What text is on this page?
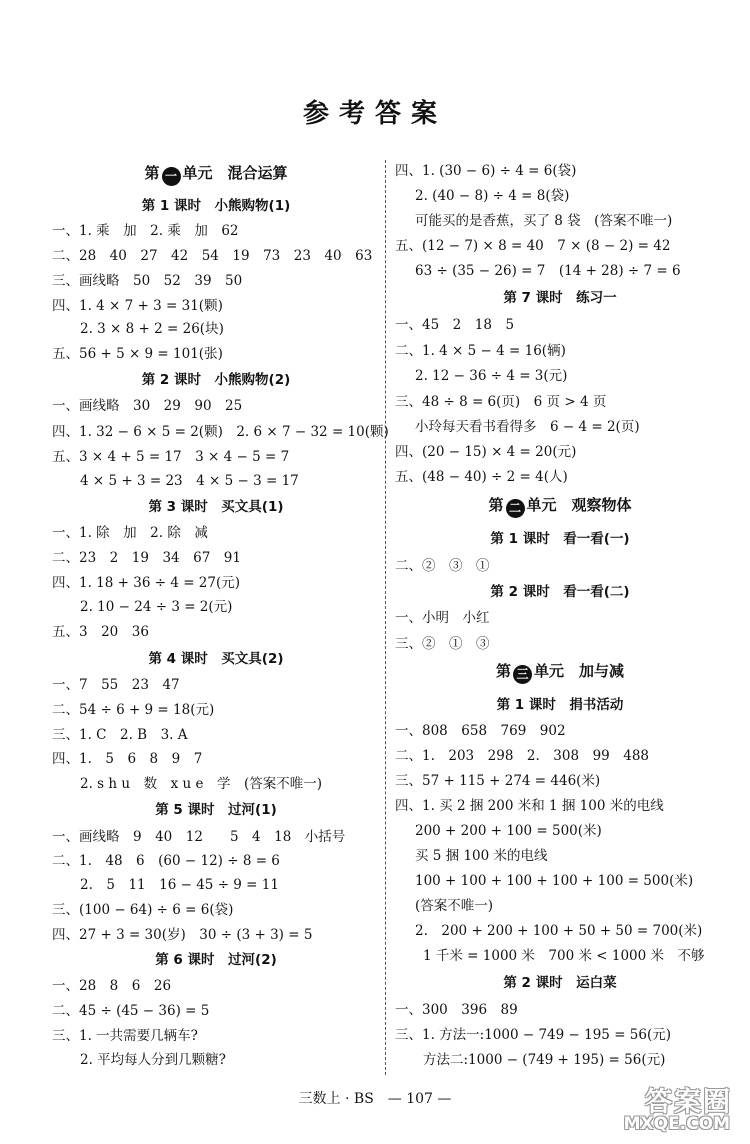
参考答案
第 一 单元　混合运算
第 1 课时　小熊购物(1)
一、1. 乘　加　2. 乘　加　62
二、28　40　27　42　54　19　73　23　40　63
三、画线略　50　52　39　50
四、1. 4 × 7 + 3 = 31(颗)
2. 3 × 8 + 2 = 26(块)
五、56 + 5 × 9 = 101(张)
第 2 课时　小熊购物(2)
一、画线略　30　29　90　25
四、1. 32 − 6 × 5 = 2(颗)　2. 6 × 7 − 32 = 10(颗)
五、3 × 4 + 5 = 17　3 × 4 − 5 = 7
4 × 5 + 3 = 23　4 × 5 − 3 = 17
第 3 课时　买文具(1)
一、1. 除　加　2. 除　减
二、23　2　19　34　67　91
四、1. 18 + 36 ÷ 4 = 27(元)
2. 10 − 24 ÷ 3 = 2(元)
五、3　20　36
第 4 课时　买文具(2)
一、7　55　23　47
二、54 ÷ 6 + 9 = 18(元)
三、1. C　2. B　3. A
四、1.　5　6　8　9　7
2. s h u　数　x u e　学　(答案不唯一)
第 5 课时　过河(1)
一、画线略　9　40　12　　5　4　18　小括号
二、1.　48　6　(60 − 12) ÷ 8 = 6
2.　5　11　16 − 45 ÷ 9 = 11
三、(100 − 64) ÷ 6 = 6(袋)
四、27 + 3 = 30(岁)　30 ÷ (3 + 3) = 5
第 6 课时　过河(2)
一、28　8　6　26
二、45 ÷ (45 − 36) = 5
三、1. 一共需要几辆车?
2. 平均每人分到几颗糖?
四、1. (30 − 6) ÷ 4 = 6(袋)
2. (40 − 8) ÷ 4 = 8(袋)
可能买的是香蕉，买了 8 袋　(答案不唯一)
五、(12 − 7) × 8 = 40　7 × (8 − 2) = 42
63 ÷ (35 − 26) = 7　(14 + 28) ÷ 7 = 6
第 7 课时　练习一
一、45　2　18　5
二、1. 4 × 5 − 4 = 16(辆)
2. 12 − 36 ÷ 4 = 3(元)
三、48 ÷ 8 = 6(页)　6 页 > 4 页
小玲每天看书看得多　6 − 4 = 2(页)
四、(20 − 15) × 4 = 20(元)
五、(48 − 40) ÷ 2 = 4(人)
第 二 单元　观察物体
第 1 课时　看一看(一)
二、②　③　①
第 2 课时　看一看(二)
一、小明　小红
三、②　①　③
第 三 单元　加与减
第 1 课时　捐书活动
一、808　658　769　902
二、1.　203　298　2.　308　99　488
三、57 + 115 + 274 = 446(米)
四、1. 买 2 捆 200 米和 1 捆 100 米的电线
200 + 200 + 100 = 500(米)
买 5 捆 100 米的电线
100 + 100 + 100 + 100 + 100 = 500(米)
(答案不唯一)
2.　200 + 200 + 100 + 50 + 50 = 700(米)
1 千米 = 1000 米　700 米 < 1000 米　不够
第 2 课时　运白菜
一、300　396　89
三、1. 方法一:1000 − 749 − 195 = 56(元)
方法二:1000 − (749 + 195) = 56(元)
三数上 · BS　— 107 —	答案圈
MXQE.COM
